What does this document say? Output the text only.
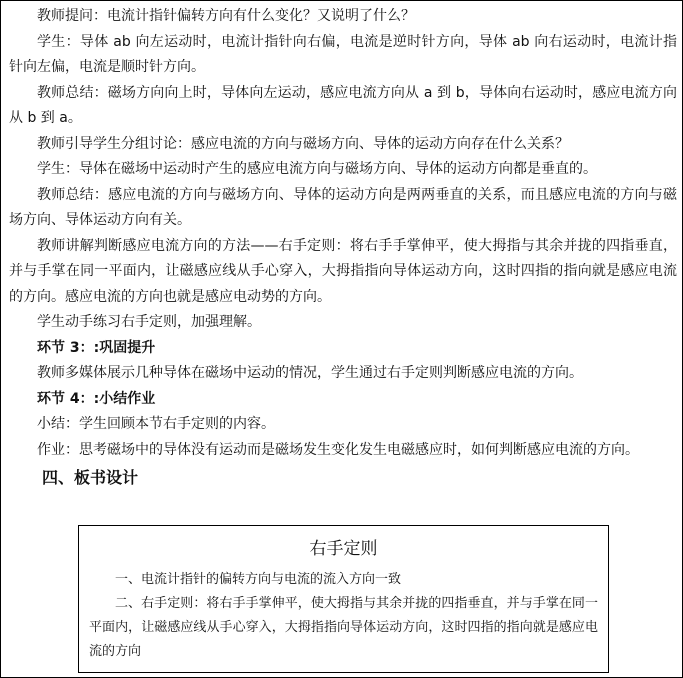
教师提问：电流计指针偏转方向有什么变化？又说明了什么？

学生：导体 ab 向左运动时，电流计指针向右偏，电流是逆时针方向，导体 ab 向右运动时，电流计指针向左偏，电流是顺时针方向。

教师总结：磁场方向向上时，导体向左运动，感应电流方向从 a 到 b，导体向右运动时，感应电流方向从 b 到 a。

教师引导学生分组讨论：感应电流的方向与磁场方向、导体的运动方向存在什么关系？

学生：导体在磁场中运动时产生的感应电流方向与磁场方向、导体的运动方向都是垂直的。

教师总结：感应电流的方向与磁场方向、导体的运动方向是两两垂直的关系，而且感应电流的方向与磁场方向、导体运动方向有关。

教师讲解判断感应电流方向的方法——右手定则：将右手手掌伸平，使大拇指与其余并拢的四指垂直，并与手掌在同一平面内，让磁感应线从手心穿入，大拇指指向导体运动方向，这时四指的指向就是感应电流的方向。感应电流的方向也就是感应电动势的方向。

学生动手练习右手定则，加强理解。

环节 3：:巩固提升

教师多媒体展示几种导体在磁场中运动的情况，学生通过右手定则判断感应电流的方向。

环节 4：:小结作业

小结：学生回顾本节右手定则的内容。

作业：思考磁场中的导体没有运动而是磁场发生变化发生电磁感应时，如何判断感应电流的方向。

四、板书设计

右手定则

一、电流计指针的偏转方向与电流的流入方向一致

二、右手定则：将右手手掌伸平，使大拇指与其余并拢的四指垂直，并与手掌在同一平面内，让磁感应线从手心穿入，大拇指指向导体运动方向，这时四指的指向就是感应电流的方向
